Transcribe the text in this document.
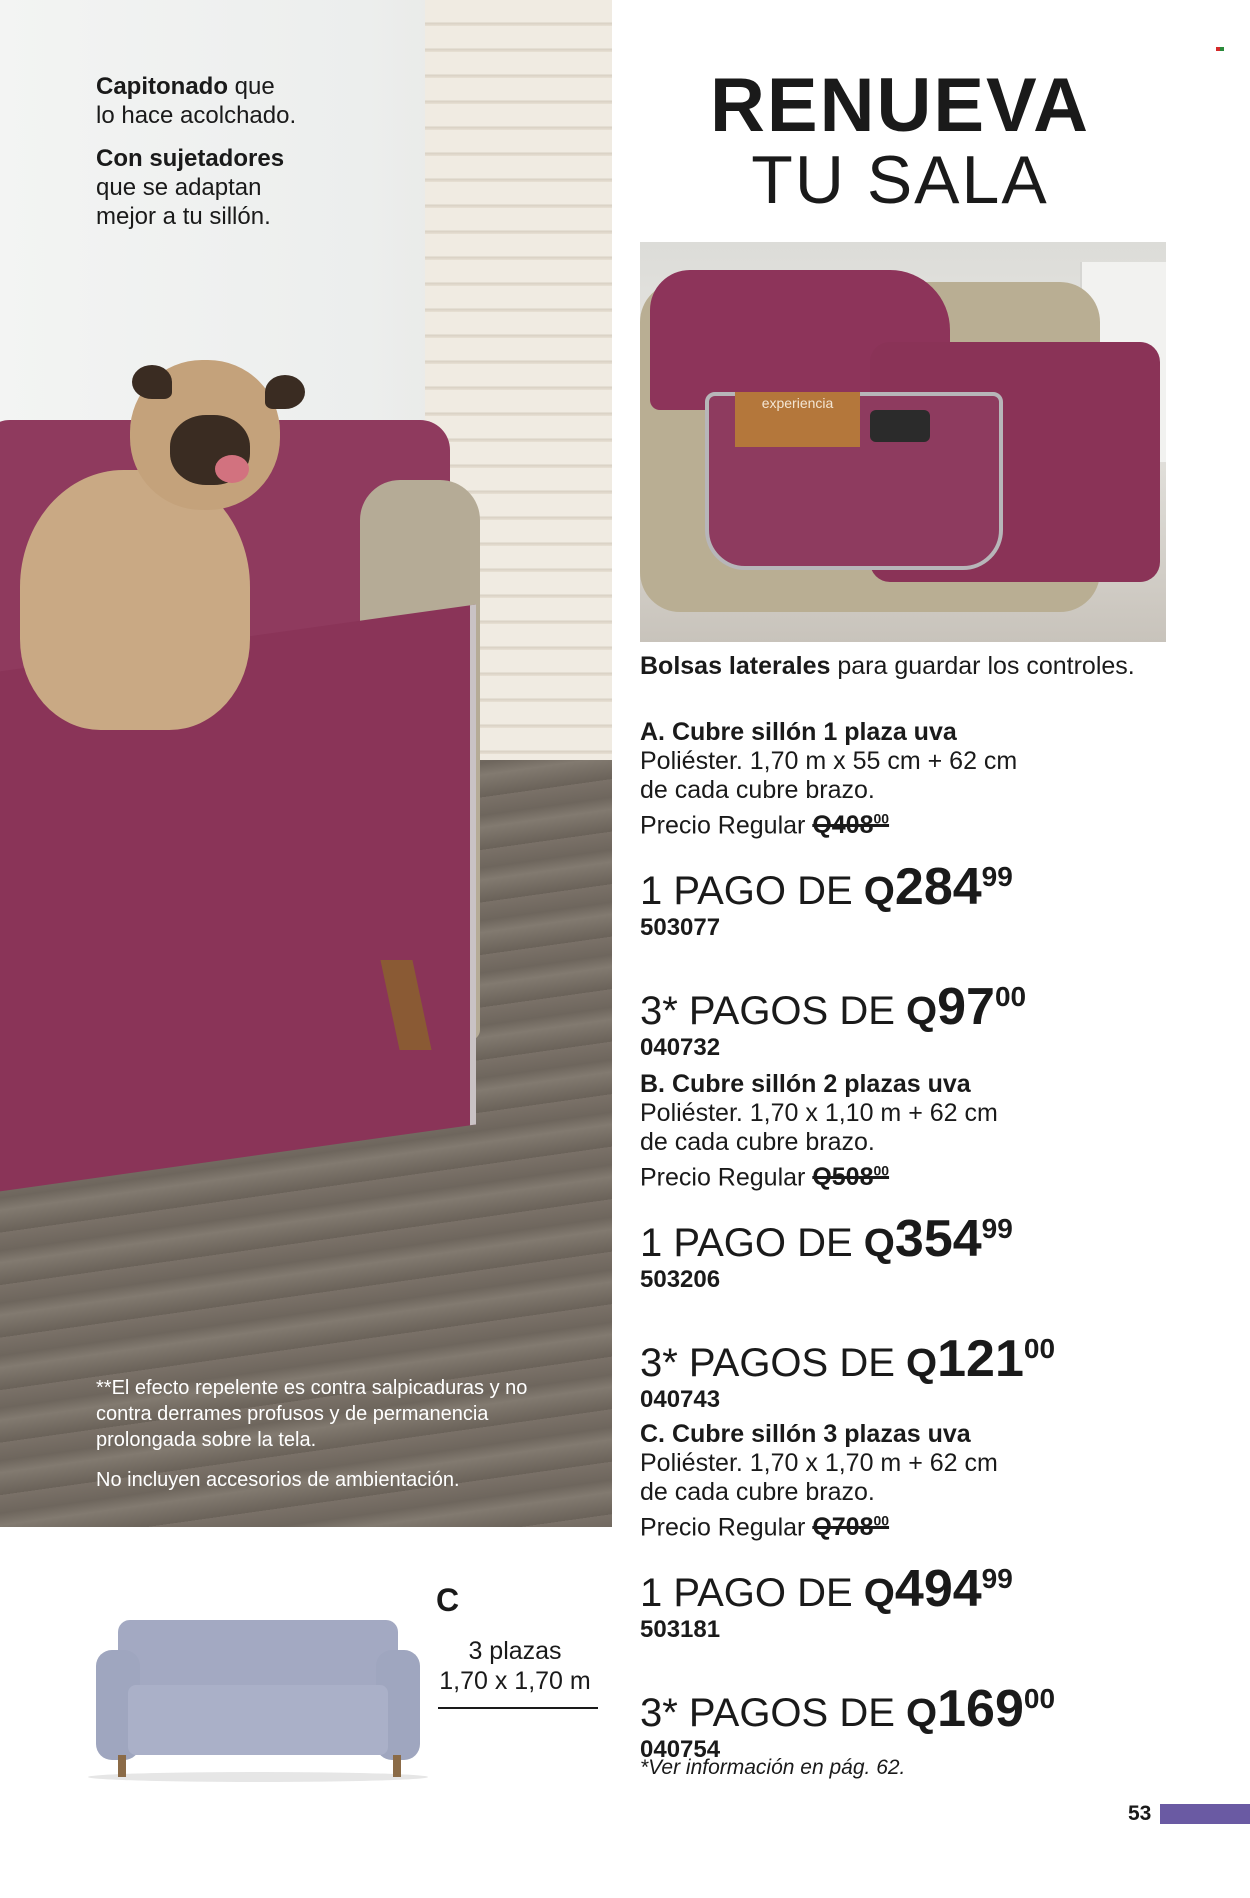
Capitonado que
lo hace acolchado.
Con sujetadores
que se adaptan
mejor a tu sillón.

**El efecto repelente es contra salpicaduras y no contra derrames profusos y de permanencia prolongada sobre la tela.

No incluyen accesorios de ambientación.

RENUEVA
TU SALA
experiencia
Bolsas laterales para guardar los controles.
A. Cubre sillón 1 plaza uva
Poliéster. 1,70 m x 55 cm + 62 cm
de cada cubre brazo.
Precio Regular $Q408^{00}$
1 PAGO DE $Q284^{99}$
503077
3* PAGOS DE $Q97^{00}$
040732
B. Cubre sillón 2 plazas uva
Poliéster. 1,70 x 1,10 m + 62 cm
de cada cubre brazo.
Precio Regular $Q508^{00}$
1 PAGO DE $Q354^{99}$
503206
3* PAGOS DE $Q121^{00}$
040743
C. Cubre sillón 3 plazas uva
Poliéster. 1,70 x 1,70 m + 62 cm
de cada cubre brazo.
Precio Regular $Q708^{00}$
1 PAGO DE $Q494^{99}$
503181
3* PAGOS DE $Q169^{00}$
040754
C
3 plazas
1,70 x 1,70 m
*Ver información en pág. 62.
53
